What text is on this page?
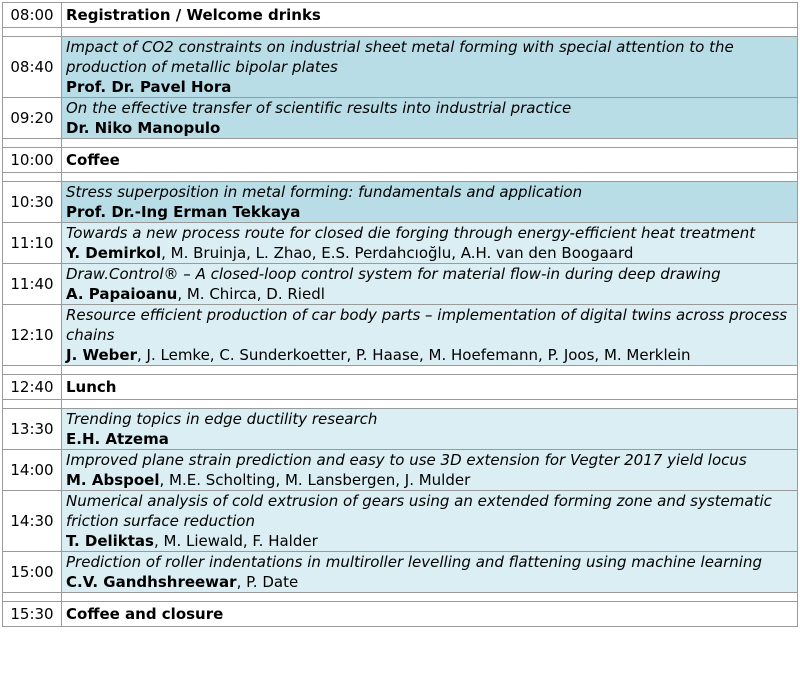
08:00	Registration / Welcome drinks

08:40	Impact of CO2 constraints on industrial sheet metal forming with special attention to the production of metallic bipolar plates
Prof. Dr. Pavel Hora

09:20	On the effective transfer of scientific results into industrial practice
Dr. Niko Manopulo

10:00	Coffee

10:30	Stress superposition in metal forming: fundamentals and application
Prof. Dr.-Ing Erman Tekkaya

11:10	Towards a new process route for closed die forging through energy-efficient heat treatment
Y. Demirkol, M. Bruinja, L. Zhao, E.S. Perdahcıoğlu, A.H. van den Boogaard

11:40	Draw.Control® – A closed-loop control system for material flow-in during deep drawing
A. Papaioanu, M. Chirca, D. Riedl

12:10	Resource efficient production of car body parts – implementation of digital twins across process chains
J. Weber, J. Lemke, C. Sunderkoetter, P. Haase, M. Hoefemann, P. Joos, M. Merklein

12:40	Lunch

13:30	Trending topics in edge ductility research
E.H. Atzema

14:00	Improved plane strain prediction and easy to use 3D extension for Vegter 2017 yield locus
M. Abspoel, M.E. Scholting, M. Lansbergen, J. Mulder

14:30	Numerical analysis of cold extrusion of gears using an extended forming zone and systematic friction surface reduction
T. Deliktas, M. Liewald, F. Halder

15:00	Prediction of roller indentations in multiroller levelling and flattening using machine learning
C.V. Gandhshreewar, P. Date

15:30	Coffee and closure
